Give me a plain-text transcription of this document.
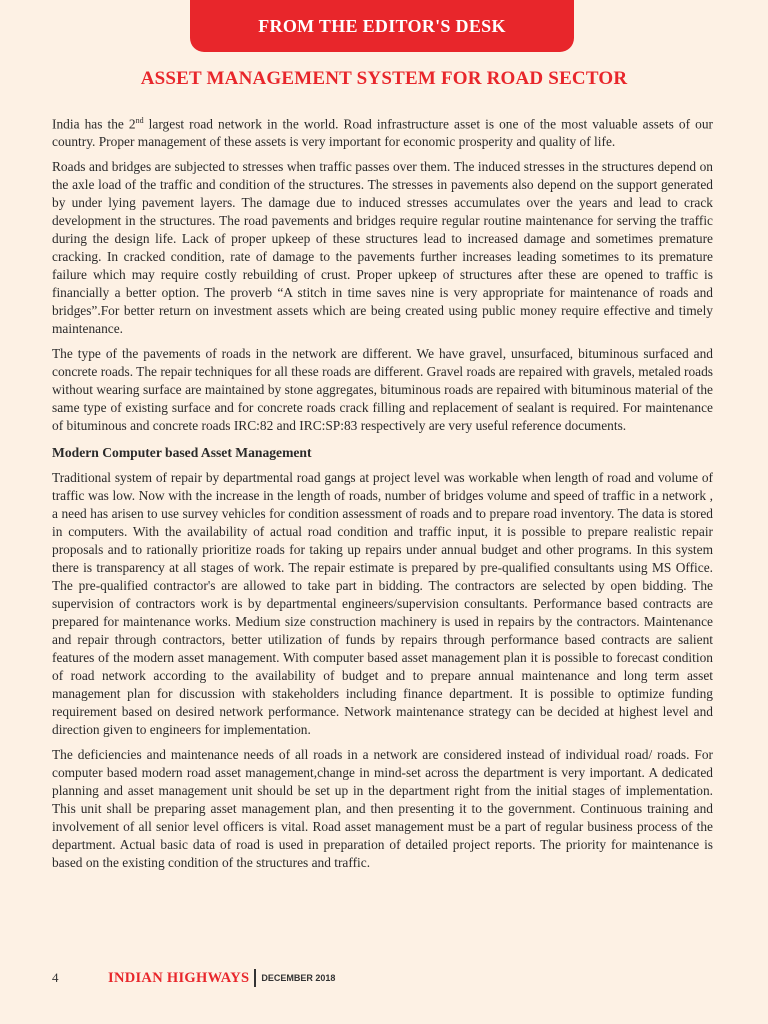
FROM THE EDITOR'S DESK
ASSET MANAGEMENT SYSTEM FOR ROAD SECTOR

India has the 2nd largest road network in the world. Road infrastructure asset is one of the most valuable assets of our country. Proper management of these assets is very important for economic prosperity and quality of life.

Roads and bridges are subjected to stresses when traffic passes over them. The induced stresses in the structures depend on the axle load of the traffic and condition of the structures. The stresses in pavements also depend on the support generated by under lying pavement layers. The damage due to induced stresses accumulates over the years and lead to crack development in the structures. The road pavements and bridges require regular routine maintenance for serving the traffic during the design life. Lack of proper upkeep of these structures lead to increased damage and sometimes premature cracking. In cracked condition, rate of damage to the pavements further increases leading sometimes to its premature failure which may require costly rebuilding of crust. Proper upkeep of structures after these are opened to traffic is financially a better option. The proverb “A stitch in time saves nine is very appropriate for maintenance of roads and bridges”.For better return on investment assets which are being created using public money require effective and timely maintenance.

The type of the pavements of roads in the network are different. We have gravel, unsurfaced, bituminous surfaced and concrete roads. The repair techniques for all these roads are different. Gravel roads are repaired with gravels, metaled roads without wearing surface are maintained by stone aggregates, bituminous roads are repaired with bituminous material of the same type of existing surface and for concrete roads crack filling and replacement of sealant is required. For maintenance of bituminous and concrete roads IRC:82 and IRC:SP:83 respectively are very useful reference documents.

Modern Computer based Asset Management

Traditional system of repair by departmental road gangs at project level was workable when length of road and volume of traffic was low. Now with the increase in the length of roads, number of bridges volume and speed of traffic in a network , a need has arisen to use survey vehicles for condition assessment of roads and to prepare road inventory. The data is stored in computers. With the availability of actual road condition and traffic input, it is possible to prepare realistic repair proposals and to rationally prioritize roads for taking up repairs under annual budget and other programs. In this system there is transparency at all stages of work. The repair estimate is prepared by pre-qualified consultants using MS Office. The pre-qualified contractor's are allowed to take part in bidding. The contractors are selected by open bidding. The supervision of contractors work is by departmental engineers/supervision consultants. Performance based contracts are prepared for maintenance works. Medium size construction machinery is used in repairs by the contractors. Maintenance and repair through contractors, better utilization of funds by repairs through performance based contracts are salient features of the modern asset management. With computer based asset management plan it is possible to forecast condition of road network according to the availability of budget and to prepare annual maintenance and long term asset management plan for discussion with stakeholders including finance department. It is possible to optimize funding requirement based on desired network performance. Network maintenance strategy can be decided at highest level and direction given to engineers for implementation.

The deficiencies and maintenance needs of all roads in a network are considered instead of individual road/ roads. For computer based modern road asset management,change in mind-set across the department is very important. A dedicated planning and asset management unit should be set up in the department right from the initial stages of implementation. This unit shall be preparing asset management plan, and then presenting it to the government. Continuous training and involvement of all senior level officers is vital. Road asset management must be a part of regular business process of the department. Actual basic data of road is used in preparation of detailed project reports. The priority for maintenance is based on the existing condition of the structures and traffic.

4	INDIAN HIGHWAYS DECEMBER 2018
